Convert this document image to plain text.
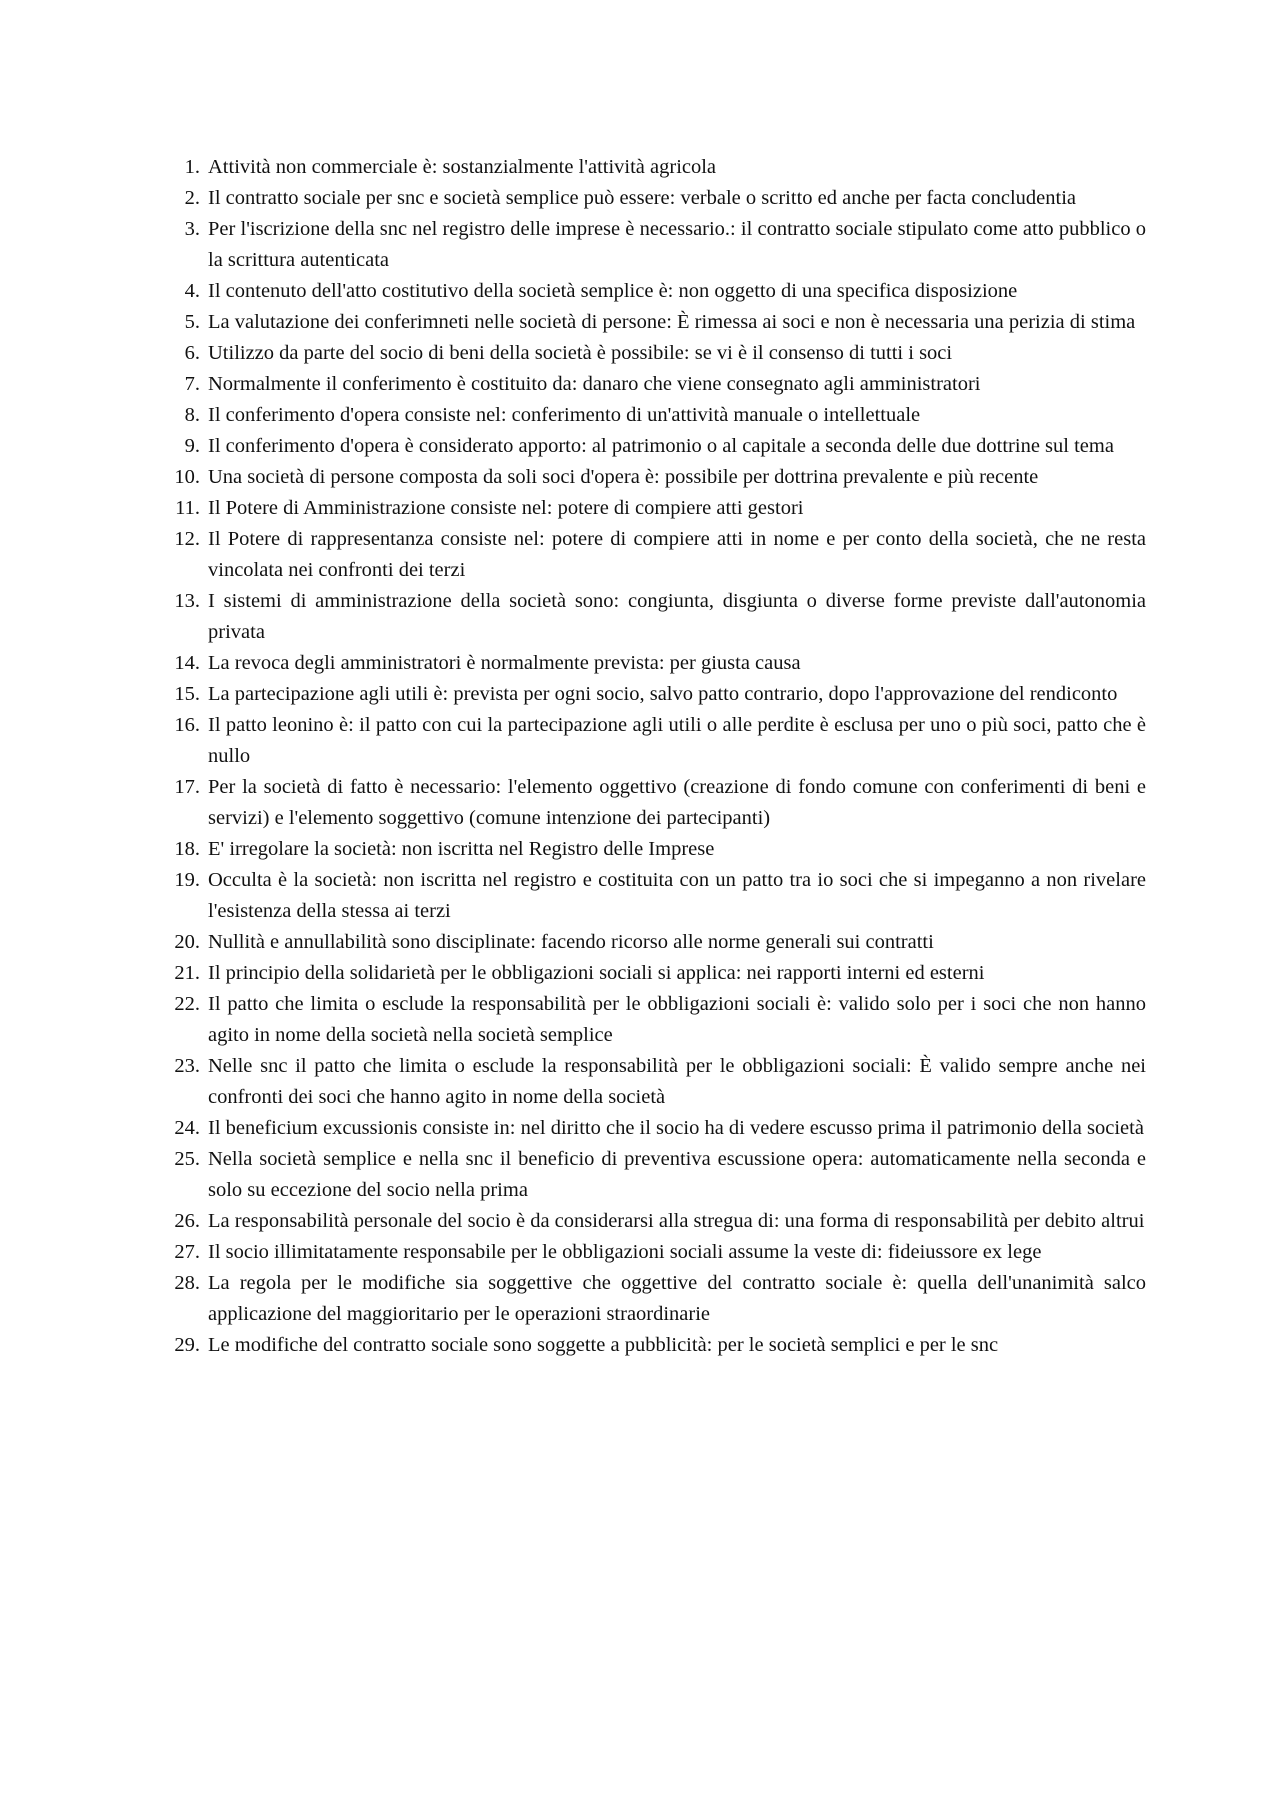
1. Attività non commerciale è: sostanzialmente l'attività agricola
2. Il contratto sociale per snc e società semplice può essere: verbale o scritto ed anche per facta concludentia
3. Per l'iscrizione della snc nel registro delle imprese è necessario.: il contratto sociale stipulato come atto pubblico o la scrittura autenticata
4. Il contenuto dell'atto costitutivo della società semplice è: non oggetto di una specifica disposizione
5. La valutazione dei conferimneti nelle società di persone: È rimessa ai soci e non è necessaria una perizia di stima
6. Utilizzo da parte del socio di beni della società è possibile: se vi è il consenso di tutti i soci
7. Normalmente il conferimento è costituito da: danaro che viene consegnato agli amministratori
8. Il conferimento d'opera consiste nel: conferimento di un'attività manuale o intellettuale
9. Il conferimento d'opera è considerato apporto: al patrimonio o al capitale a seconda delle due dottrine sul tema
10. Una società di persone composta da soli soci d'opera è: possibile per dottrina prevalente e più recente
11. Il Potere di Amministrazione consiste nel: potere di compiere atti gestori
12. Il Potere di rappresentanza consiste nel: potere di compiere atti in nome e per conto della società, che ne resta vincolata nei confronti dei terzi
13. I sistemi di amministrazione della società sono: congiunta, disgiunta o diverse forme previste dall'autonomia privata
14. La revoca degli amministratori è normalmente prevista: per giusta causa
15. La partecipazione agli utili è: prevista per ogni socio, salvo patto contrario, dopo l'approvazione del rendiconto
16. Il patto leonino è: il patto con cui la partecipazione agli utili o alle perdite è esclusa per uno o più soci, patto che è nullo
17. Per la società di fatto è necessario: l'elemento oggettivo (creazione di fondo comune con conferimenti di beni e servizi) e l'elemento soggettivo (comune intenzione dei partecipanti)
18. E' irregolare la società: non iscritta nel Registro delle Imprese
19. Occulta è la società: non iscritta nel registro e costituita con un patto tra io soci che si impeganno a non rivelare l'esistenza della stessa ai terzi
20. Nullità e annullabilità sono disciplinate: facendo ricorso alle norme generali sui contratti
21. Il principio della solidarietà per le obbligazioni sociali si applica: nei rapporti interni ed esterni
22. Il patto che limita o esclude la responsabilità per le obbligazioni sociali è: valido solo per i soci che non hanno agito in nome della società nella società semplice
23. Nelle snc il patto che limita o esclude la responsabilità per le obbligazioni sociali: È valido sempre anche nei confronti dei soci che hanno agito in nome della società
24. Il beneficium excussionis consiste in: nel diritto che il socio ha di vedere escusso prima il patrimonio della società
25. Nella società semplice e nella snc il beneficio di preventiva escussione opera: automaticamente nella seconda e solo su eccezione del socio nella prima
26. La responsabilità personale del socio è da considerarsi alla stregua di: una forma di responsabilità per debito altrui
27. Il socio illimitatamente responsabile per le obbligazioni sociali assume la veste di: fideiussore ex lege
28. La regola per le modifiche sia soggettive che oggettive del contratto sociale è: quella dell'unanimità salco applicazione del maggioritario per le operazioni straordinarie
29. Le modifiche del contratto sociale sono soggette a pubblicità: per le società semplici e per le snc
